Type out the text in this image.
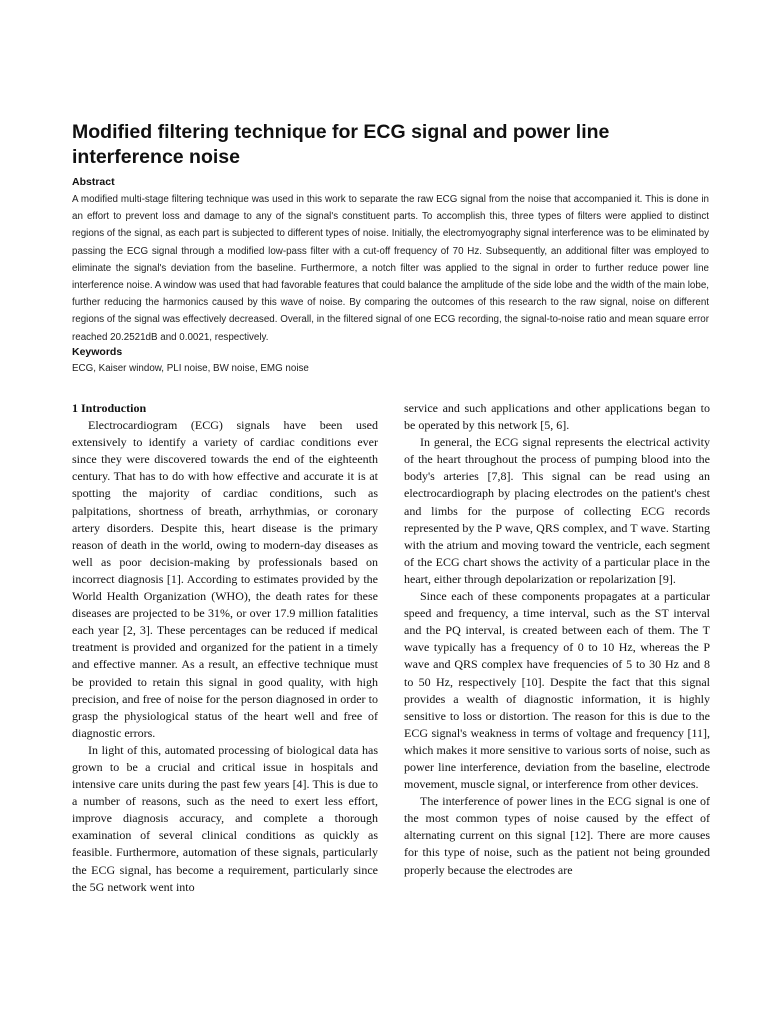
Modified filtering technique for ECG signal and power line interference noise
Abstract
A modified multi-stage filtering technique was used in this work to separate the raw ECG signal from the noise that accompanied it. This is done in an effort to prevent loss and damage to any of the signal's constituent parts. To accomplish this, three types of filters were applied to distinct regions of the signal, as each part is subjected to different types of noise. Initially, the electromyography signal interference was to be eliminated by passing the ECG signal through a modified low-pass filter with a cut-off frequency of 70 Hz. Subsequently, an additional filter was employed to eliminate the signal's deviation from the baseline. Furthermore, a notch filter was applied to the signal in order to further reduce power line interference noise. A window was used that had favorable features that could balance the amplitude of the side lobe and the width of the main lobe, further reducing the harmonics caused by this wave of noise. By comparing the outcomes of this research to the raw signal, noise on different regions of the signal was effectively decreased. Overall, in the filtered signal of one ECG recording, the signal-to-noise ratio and mean square error reached 20.2521dB and 0.0021, respectively.
Keywords
ECG, Kaiser window, PLI noise, BW noise, EMG noise
1 Introduction

Electrocardiogram (ECG) signals have been used extensively to identify a variety of cardiac conditions ever since they were discovered towards the end of the eighteenth century. That has to do with how effective and accurate it is at spotting the majority of cardiac conditions, such as palpitations, shortness of breath, arrhythmias, or coronary artery disorders. Despite this, heart disease is the primary reason of death in the world, owing to modern-day diseases as well as poor decision-making by professionals based on incorrect diagnosis [1]. According to estimates provided by the World Health Organization (WHO), the death rates for these diseases are projected to be 31%, or over 17.9 million fatalities each year [2, 3]. These percentages can be reduced if medical treatment is provided and organized for the patient in a timely and effective manner. As a result, an effective technique must be provided to retain this signal in good quality, with high precision, and free of noise for the person diagnosed in order to grasp the physiological status of the heart well and free of diagnostic errors.

In light of this, automated processing of biological data has grown to be a crucial and critical issue in hospitals and intensive care units during the past few years [4]. This is due to a number of reasons, such as the need to exert less effort, improve diagnosis accuracy, and complete a thorough examination of several clinical conditions as quickly as feasible. Furthermore, automation of these signals, particularly the ECG signal, has become a requirement, particularly since the 5G network went into

service and such applications and other applications began to be operated by this network [5, 6].

In general, the ECG signal represents the electrical activity of the heart throughout the process of pumping blood into the body's arteries [7,8]. This signal can be read using an electrocardiograph by placing electrodes on the patient's chest and limbs for the purpose of collecting ECG records represented by the P wave, QRS complex, and T wave. Starting with the atrium and moving toward the ventricle, each segment of the ECG chart shows the activity of a particular place in the heart, either through depolarization or repolarization [9].

Since each of these components propagates at a particular speed and frequency, a time interval, such as the ST interval and the PQ interval, is created between each of them. The T wave typically has a frequency of 0 to 10 Hz, whereas the P wave and QRS complex have frequencies of 5 to 30 Hz and 8 to 50 Hz, respectively [10]. Despite the fact that this signal provides a wealth of diagnostic information, it is highly sensitive to loss or distortion. The reason for this is due to the ECG signal's weakness in terms of voltage and frequency [11], which makes it more sensitive to various sorts of noise, such as power line interference, deviation from the baseline, electrode movement, muscle signal, or interference from other devices.

The interference of power lines in the ECG signal is one of the most common types of noise caused by the effect of alternating current on this signal [12]. There are more causes for this type of noise, such as the patient not being grounded properly because the electrodes are
